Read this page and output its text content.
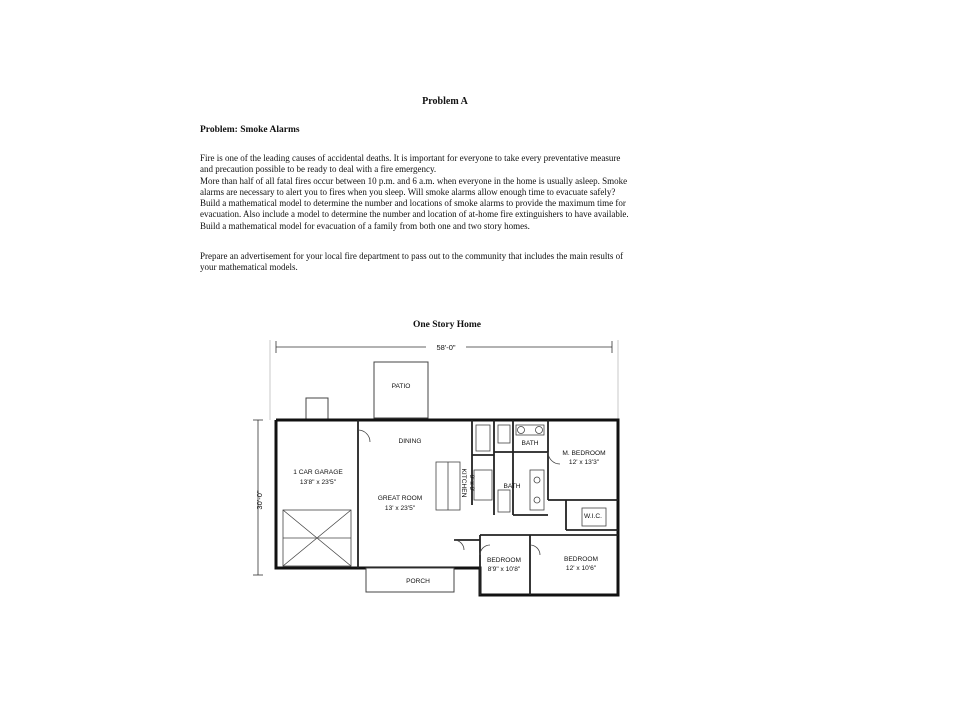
Problem A
Problem: Smoke Alarms

Fire is one of the leading causes of accidental deaths. It is important for everyone to take every preventative measure

and precaution possible to be ready to deal with a fire emergency.

More than half of all fatal fires occur between 10 p.m. and 6 a.m. when everyone in the home is usually asleep. Smoke

alarms are necessary to alert you to fires when you sleep. Will smoke alarms allow enough time to evacuate safely?

Build a mathematical model to determine the number and locations of smoke alarms to provide the maximum time for

evacuation. Also include a model to determine the number and location of at-home fire extinguishers to have available.

Build a mathematical model for evacuation of a family from both one and two story homes.

Prepare an advertisement for your local fire department to pass out to the community that includes the main results of

your mathematical models.

One Story Home
58'-0"
30'-0"
PATIO
DINING
1 CAR GARAGE
13'8" x 23'5"
GREAT ROOM
13' x 23'5"
KITCHEN 9' x 9'
BATH
BATH
M. BEDROOM
12' x 13'3"
W.I.C.
BEDROOM
8'9" x 10'8"
BEDROOM
12' x 10'6"
PORCH
